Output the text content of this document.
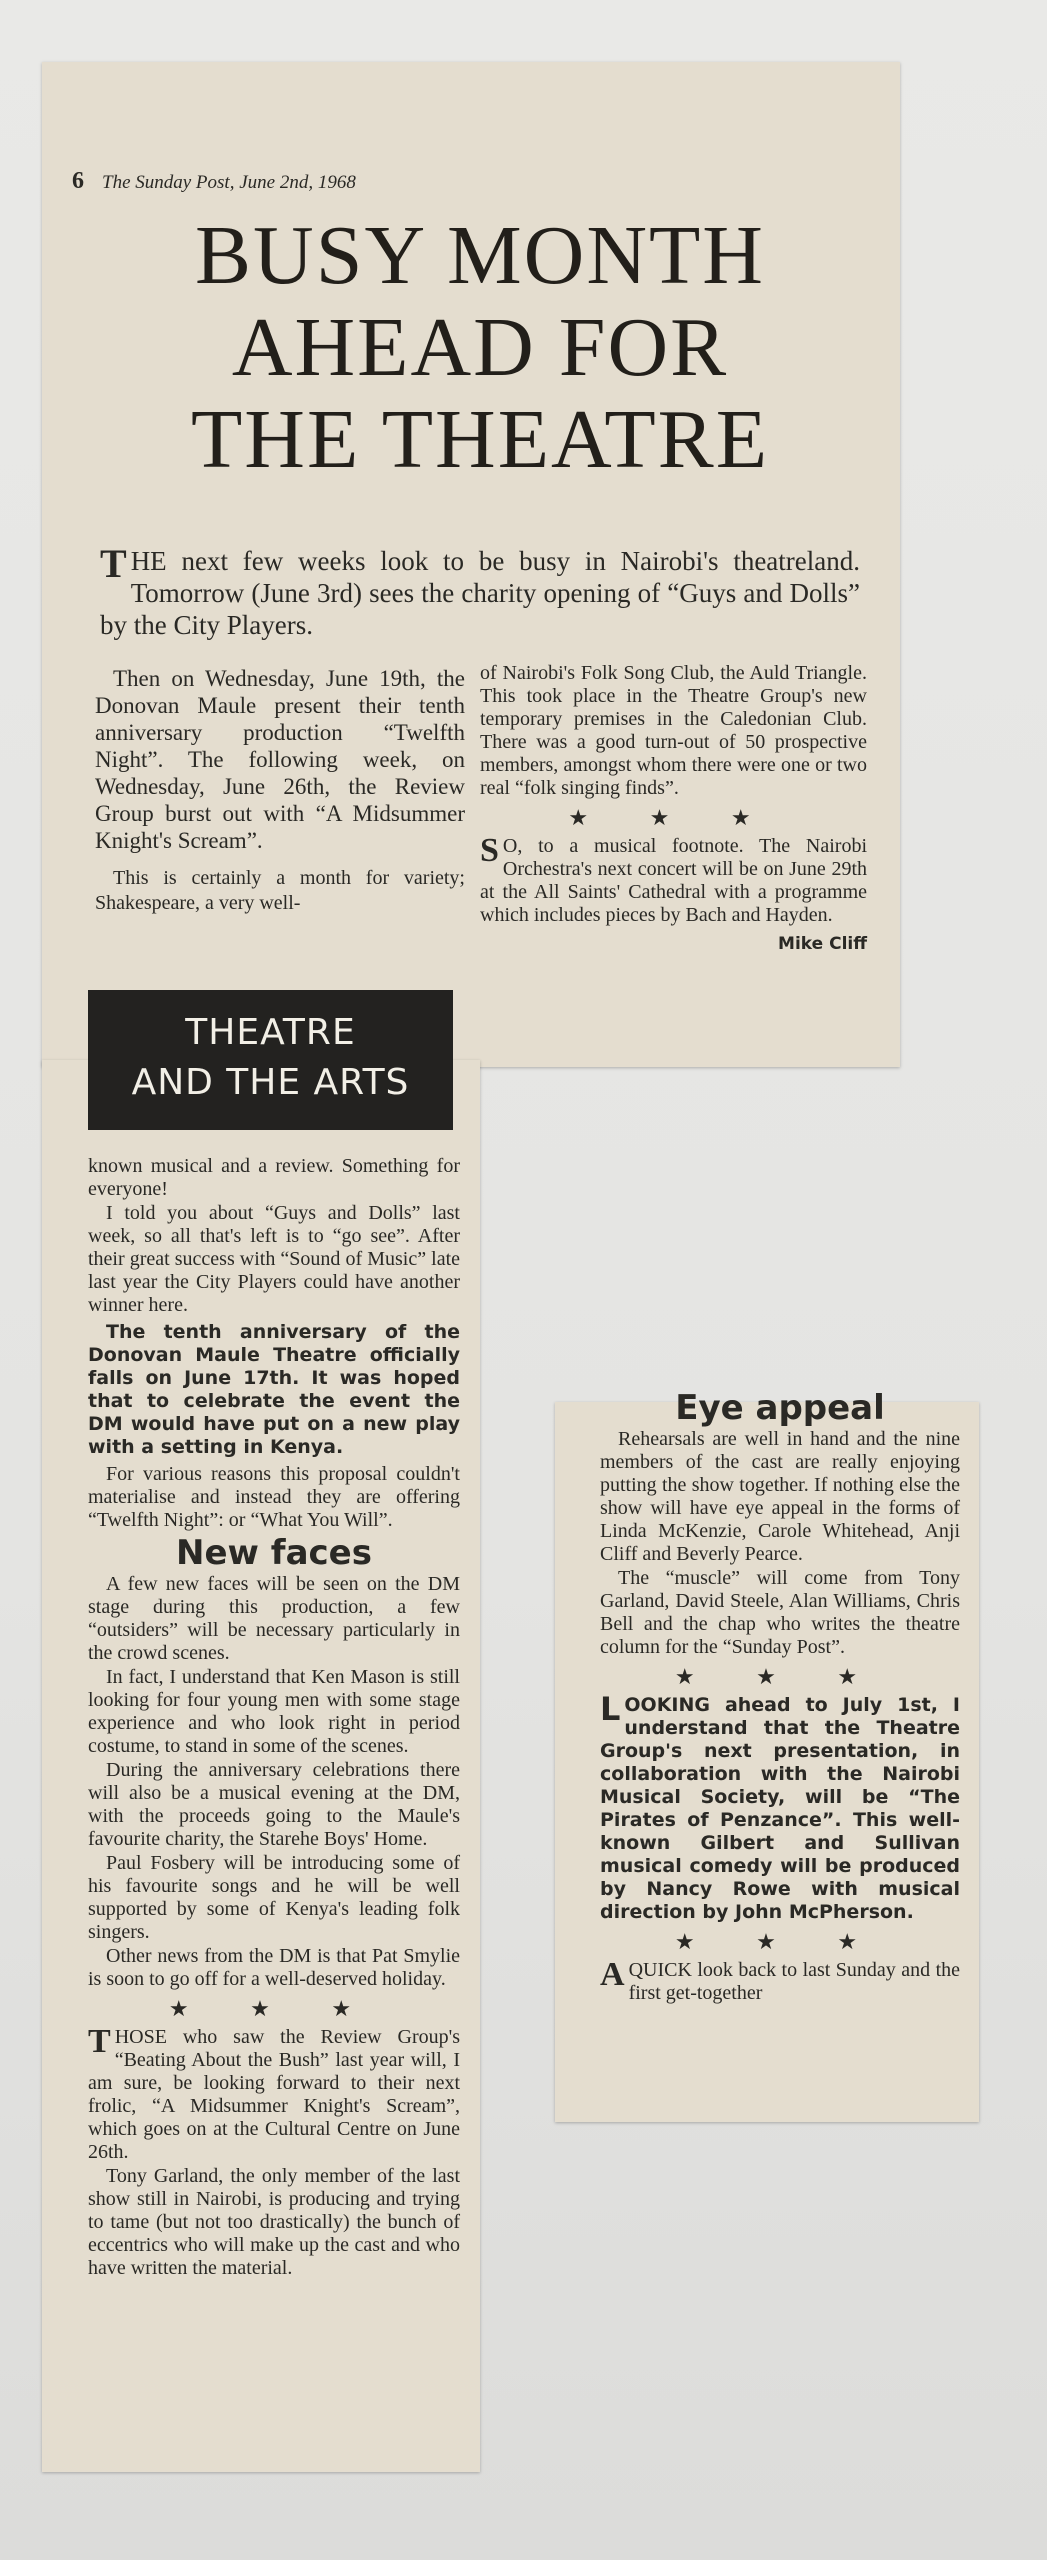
6 The Sunday Post, June 2nd, 1968
BUSY MONTH
AHEAD FOR
THE THEATRE
T HE next few weeks look to be busy in Nairobi's theatreland. Tomorrow (June 3rd) sees the charity opening of “Guys and Dolls” by the City Players.

Then on Wednesday, June 19th, the Donovan Maule present their tenth anniversary production “Twelfth Night”. The following week, on Wednesday, June 26th, the Review Group burst out with “A Midsummer Knight's Scream”.

This is certainly a month for variety; Shakespeare, a very well-

of Nairobi's Folk Song Club, the Auld Triangle. This took place in the Theatre Group's new temporary premises in the Caledonian Club. There was a good turn-out of 50 prospective members, amongst whom there were one or two real “folk singing finds”.

★ ★ ★

S O, to a musical footnote. The Nairobi Orchestra's next concert will be on June 29th at the All Saints' Cathedral with a programme which includes pieces by Bach and Hayden.

Mike Cliff
THEATRE
AND THE ARTS

known musical and a review. Something for everyone!

I told you about “Guys and Dolls” last week, so all that's left is to “go see”. After their great success with “Sound of Music” late last year the City Players could have another winner here.

The tenth anniversary of the Donovan Maule Theatre officially falls on June 17th. It was hoped that to celebrate the event the DM would have put on a new play with a setting in Kenya.

For various reasons this proposal couldn't materialise and instead they are offering “Twelfth Night”: or “What You Will”.

New faces

A few new faces will be seen on the DM stage during this production, a few “outsiders” will be necessary particularly in the crowd scenes.

In fact, I understand that Ken Mason is still looking for four young men with some stage experience and who look right in period costume, to stand in some of the scenes.

During the anniversary celebrations there will also be a musical evening at the DM, with the proceeds going to the Maule's favourite charity, the Starehe Boys' Home.

Paul Fosbery will be introducing some of his favourite songs and he will be well supported by some of Kenya's leading folk singers.

Other news from the DM is that Pat Smylie is soon to go off for a well-deserved holiday.

★ ★ ★

THOSE who saw the Review Group's “Beating About the Bush” last year will, I am sure, be looking forward to their next frolic, “A Midsummer Knight's Scream”, which goes on at the Cultural Centre on June 26th.

Tony Garland, the only member of the last show still in Nairobi, is producing and trying to tame (but not too drastically) the bunch of eccentrics who will make up the cast and who have written the material.

Eye appeal

Rehearsals are well in hand and the nine members of the cast are really enjoying putting the show together. If nothing else the show will have eye appeal in the forms of Linda McKenzie, Carole Whitehead, Anji Cliff and Beverly Pearce.

The “muscle” will come from Tony Garland, David Steele, Alan Williams, Chris Bell and the chap who writes the theatre column for the “Sunday Post”.

★ ★ ★

LOOKING ahead to July 1st, I understand that the Theatre Group's next presentation, in collaboration with the Nairobi Musical Society, will be “The Pirates of Penzance”. This well-known Gilbert and Sullivan musical comedy will be produced by Nancy Rowe with musical direction by John McPherson.

★ ★ ★

AQUICK look back to last Sunday and the first get-together
